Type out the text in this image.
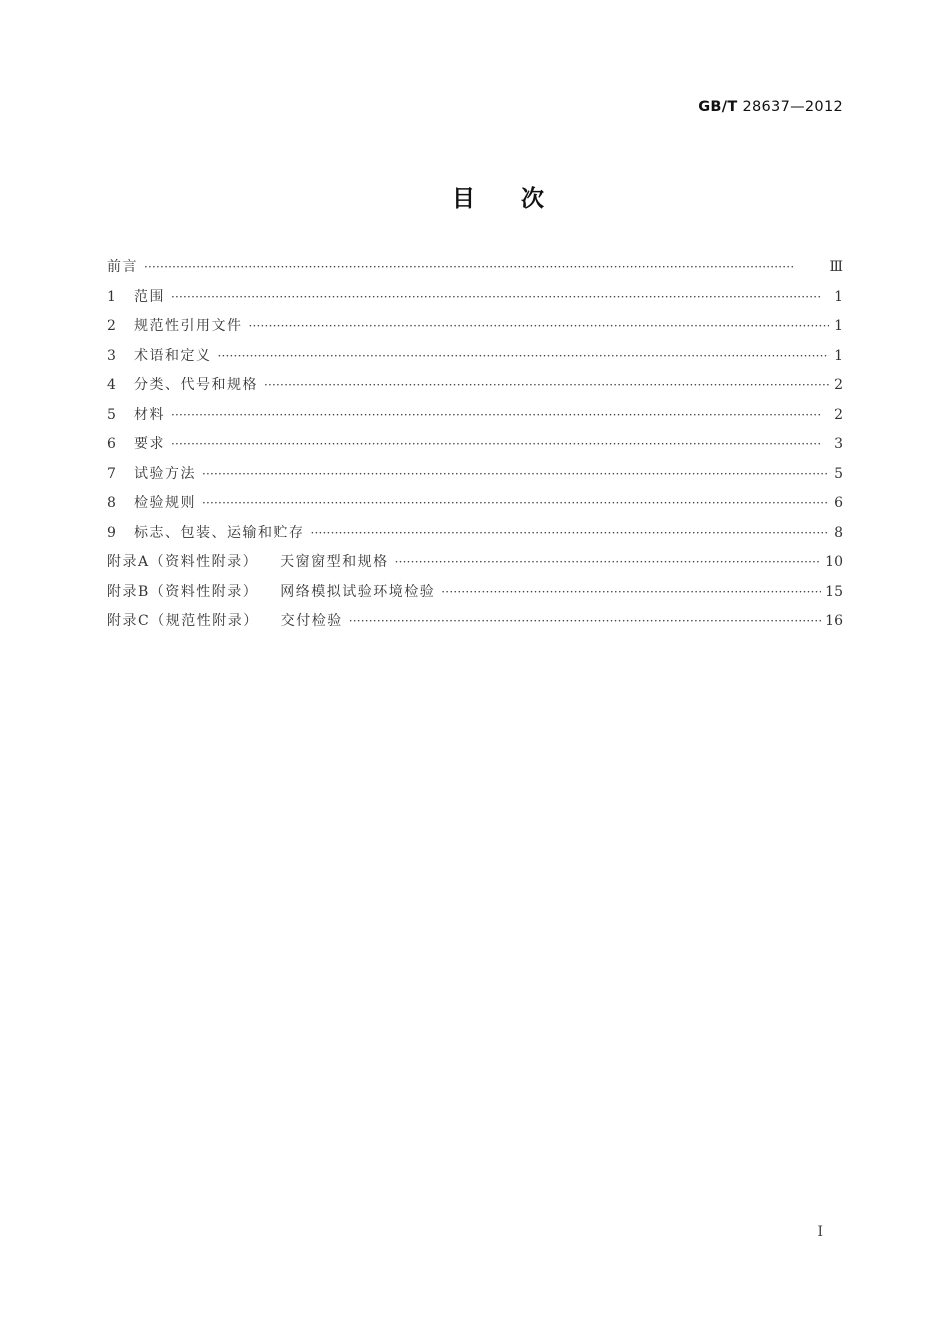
GB/T 28637—2012
目次
前言 ·····	Ⅲ
1	范围 ·····	1
2	规范性引用文件 ·····	1
3	术语和定义 ·····	1
4	分类、代号和规格 ·····	2
5	材料 ·····	2
6	要求 ·····	3
7	试验方法 ·····	5
8	检验规则 ·····	6
9	标志、包装、运输和贮存 ·····	8
附录A（资料性附录） 天窗窗型和规格 ·····	10
附录B（资料性附录） 网络模拟试验环境检验 ·····	15
附录C（规范性附录） 交付检验 ·····	16
I
